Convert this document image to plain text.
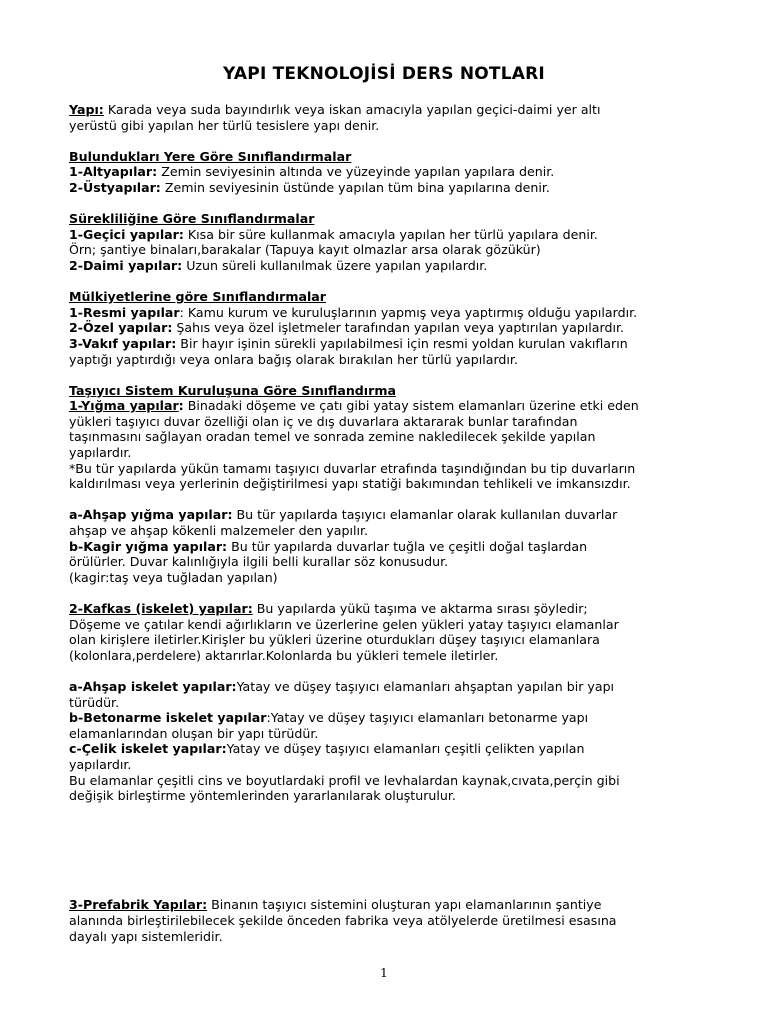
YAPI TEKNOLOJİSİ DERS NOTLARI
Yapı: Karada veya suda bayındırlık veya iskan amacıyla yapılan geçici-daimi yer altı
yerüstü gibi yapılan her türlü tesislere yapı denir.
Bulundukları Yere Göre Sınıflandırmalar
1-Altyapılar: Zemin seviyesinin altında ve yüzeyinde yapılan yapılara denir.
2-Üstyapılar: Zemin seviyesinin üstünde yapılan tüm bina yapılarına denir.
Sürekliliğine Göre Sınıflandırmalar
1-Geçici yapılar: Kısa bir süre kullanmak amacıyla yapılan her türlü yapılara denir.
Örn; şantiye binaları,barakalar (Tapuya kayıt olmazlar arsa olarak gözükür)
2-Daimi yapılar: Uzun süreli kullanılmak üzere yapılan yapılardır.
Mülkiyetlerine göre Sınıflandırmalar
1-Resmi yapılar: Kamu kurum ve kuruluşlarının yapmış veya yaptırmış olduğu yapılardır.
2-Özel yapılar: Şahıs veya özel işletmeler tarafından yapılan veya yaptırılan yapılardır.
3-Vakıf yapılar: Bir hayır işinin sürekli yapılabilmesi için resmi yoldan kurulan vakıfların
yaptığı yaptırdığı veya onlara bağış olarak bırakılan her türlü yapılardır.
Taşıyıcı Sistem Kuruluşuna Göre Sınıflandırma
1-Yığma yapılar: Binadaki döşeme ve çatı gibi yatay sistem elamanları üzerine etki eden
yükleri taşıyıcı duvar özelliği olan iç ve dış duvarlara aktararak bunlar tarafından
taşınmasını sağlayan oradan temel ve sonrada zemine nakledilecek şekilde yapılan
yapılardır.
*Bu tür yapılarda yükün tamamı taşıyıcı duvarlar etrafında taşındığından bu tip duvarların
kaldırılması veya yerlerinin değiştirilmesi yapı statiği bakımından tehlikeli ve imkansızdır.
a-Ahşap yığma yapılar: Bu tür yapılarda taşıyıcı elamanlar olarak kullanılan duvarlar
ahşap ve ahşap kökenli malzemeler den yapılır.
b-Kagir yığma yapılar: Bu tür yapılarda duvarlar tuğla ve çeşitli doğal taşlardan
örülürler. Duvar kalınlığıyla ilgili belli kurallar söz konusudur.
(kagir:taş veya tuğladan yapılan)
2-Kafkas (iskelet) yapılar: Bu yapılarda yükü taşıma ve aktarma sırası şöyledir;
Döşeme ve çatılar kendi ağırlıkların ve üzerlerine gelen yükleri yatay taşıyıcı elamanlar
olan kirişlere iletirler.Kirişler bu yükleri üzerine oturdukları düşey taşıyıcı elamanlara
(kolonlara,perdelere) aktarırlar.Kolonlarda bu yükleri temele iletirler.
a-Ahşap iskelet yapılar:Yatay ve düşey taşıyıcı elamanları ahşaptan yapılan bir yapı
türüdür.
b-Betonarme iskelet yapılar:Yatay ve düşey taşıyıcı elamanları betonarme yapı
elamanlarından oluşan bir yapı türüdür.
c-Çelik iskelet yapılar:Yatay ve düşey taşıyıcı elamanları çeşitli çelikten yapılan
yapılardır.
Bu elamanlar çeşitli cins ve boyutlardaki profil ve levhalardan kaynak,cıvata,perçin gibi
değişik birleştirme yöntemlerinden yararlanılarak oluşturulur.
3-Prefabrik Yapılar: Binanın taşıyıcı sistemini oluşturan yapı elamanlarının şantiye
alanında birleştirilebilecek şekilde önceden fabrika veya atölyelerde üretilmesi esasına
dayalı yapı sistemleridir.
1
